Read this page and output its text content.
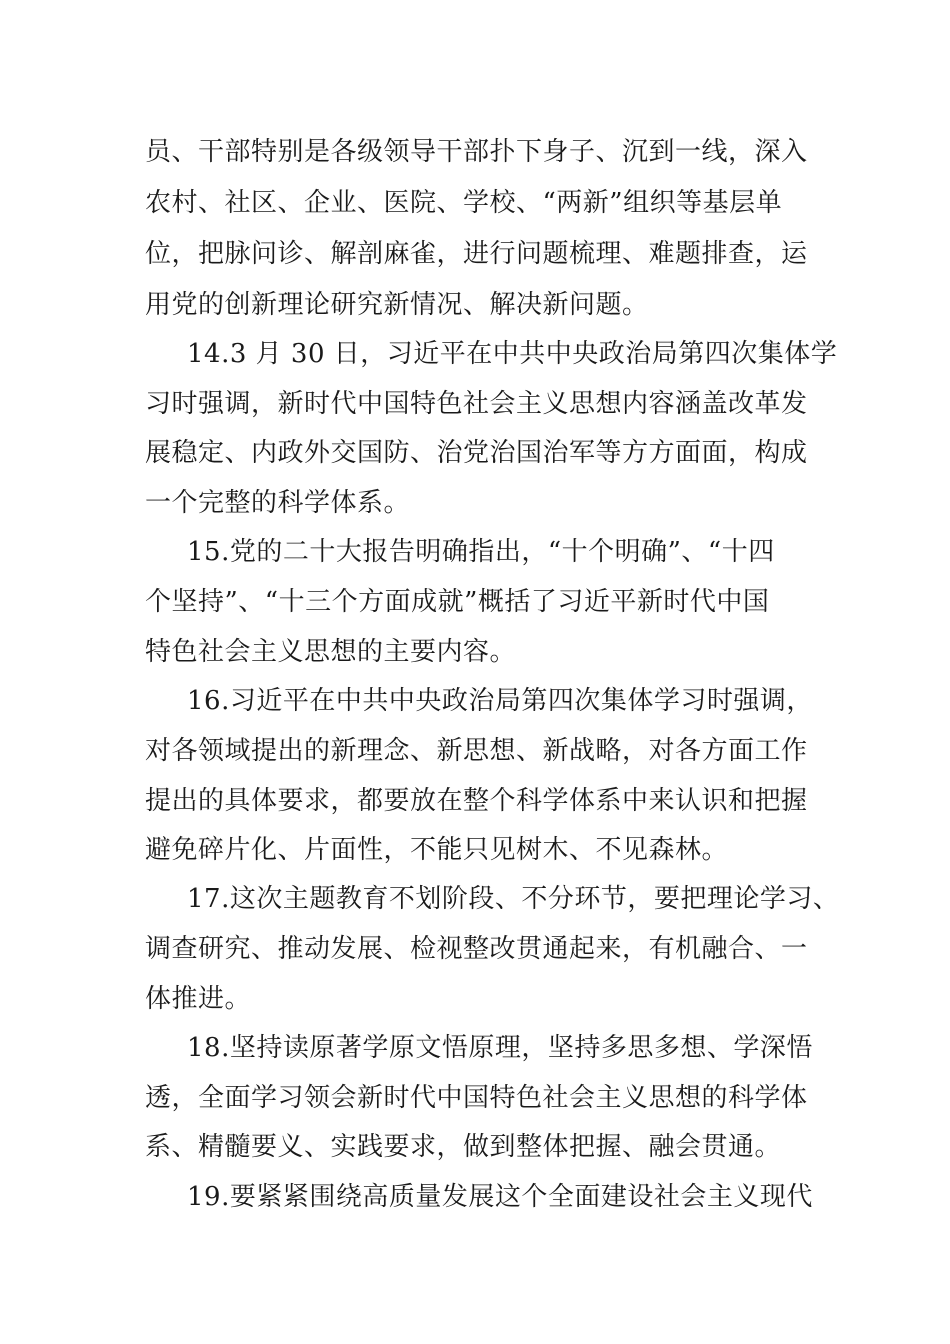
员、干部特别是各级领导干部扑下身子、沉到一线，深入
农村、社区、企业、医院、学校、“两新”组织等基层单
位，把脉问诊、解剖麻雀，进行问题梳理、难题排查，运
用党的创新理论研究新情况、解决新问题。
14.3 月 30 日，习近平在中共中央政治局第四次集体学
习时强调，新时代中国特色社会主义思想内容涵盖改革发
展稳定、内政外交国防、治党治国治军等方方面面，构成
一个完整的科学体系。
15.党的二十大报告明确指出，“十个明确”、“十四
个坚持”、“十三个方面成就”概括了习近平新时代中国
特色社会主义思想的主要内容。
16.习近平在中共中央政治局第四次集体学习时强调，
对各领域提出的新理念、新思想、新战略，对各方面工作
提出的具体要求，都要放在整个科学体系中来认识和把握
避免碎片化、片面性，不能只见树木、不见森林。
17.这次主题教育不划阶段、不分环节，要把理论学习、
调查研究、推动发展、检视整改贯通起来，有机融合、一
体推进。
18.坚持读原著学原文悟原理，坚持多思多想、学深悟
透，全面学习领会新时代中国特色社会主义思想的科学体
系、精髓要义、实践要求，做到整体把握、融会贯通。
19.要紧紧围绕高质量发展这个全面建设社会主义现代
